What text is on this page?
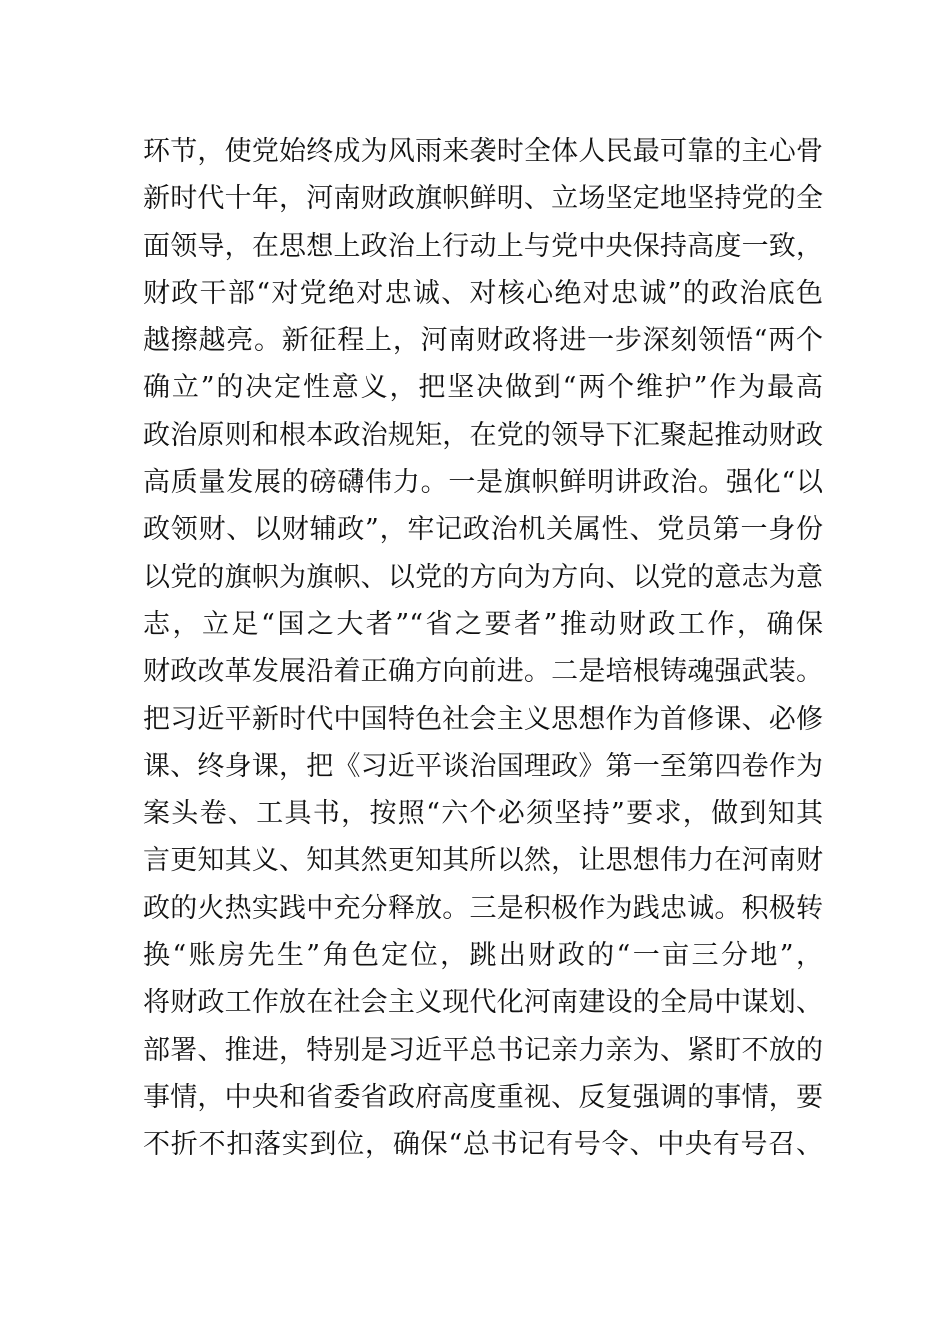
环节，使党始终成为风雨来袭时全体人民最可靠的主心骨
新时代十年，河南财政旗帜鲜明、立场坚定地坚持党的全
面领导，在思想上政治上行动上与党中央保持高度一致，
财政干部“对党绝对忠诚、对核心绝对忠诚”的政治底色
越擦越亮。新征程上，河南财政将进一步深刻领悟“两个
确立”的决定性意义，把坚决做到“两个维护”作为最高
政治原则和根本政治规矩，在党的领导下汇聚起推动财政
高质量发展的磅礴伟力。一是旗帜鲜明讲政治。强化“以
政领财、以财辅政”，牢记政治机关属性、党员第一身份
以党的旗帜为旗帜、以党的方向为方向、以党的意志为意
志，立足“国之大者”“省之要者”推动财政工作，确保
财政改革发展沿着正确方向前进。二是培根铸魂强武装。
把习近平新时代中国特色社会主义思想作为首修课、必修
课、终身课，把《习近平谈治国理政》第一至第四卷作为
案头卷、工具书，按照“六个必须坚持”要求，做到知其
言更知其义、知其然更知其所以然，让思想伟力在河南财
政的火热实践中充分释放。三是积极作为践忠诚。积极转
换“账房先生”角色定位，跳出财政的“一亩三分地”，
将财政工作放在社会主义现代化河南建设的全局中谋划、
部署、推进，特别是习近平总书记亲力亲为、紧盯不放的
事情，中央和省委省政府高度重视、反复强调的事情，要
不折不扣落实到位，确保“总书记有号令、中央有号召、
